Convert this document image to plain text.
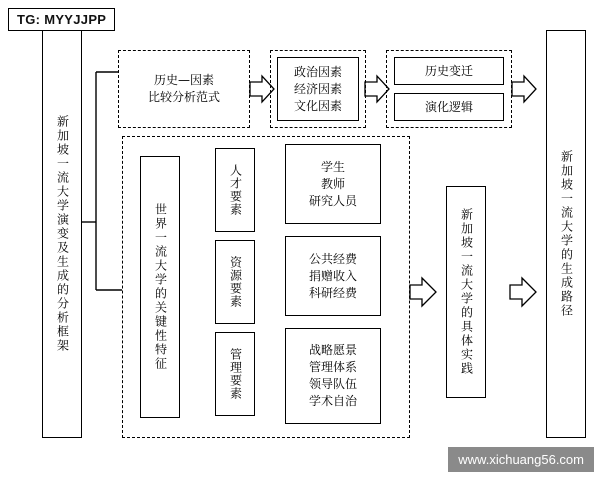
TG: MYYJJPP
新加坡一流大学演变及生成的分析框架	新加坡一流大学的生成路径
历史—因素
比较分析范式
政治因素
经济因素
文化因素
历史变迁
演化逻辑
世界一流大学的关键性特征
人才要素
资源要素
管理要素
学生
教师
研究人员
公共经费
捐赠收入
科研经费
战略愿景
管理体系
领导队伍
学术自治
新加坡一流大学的具体实践
www.xichuang56.com
